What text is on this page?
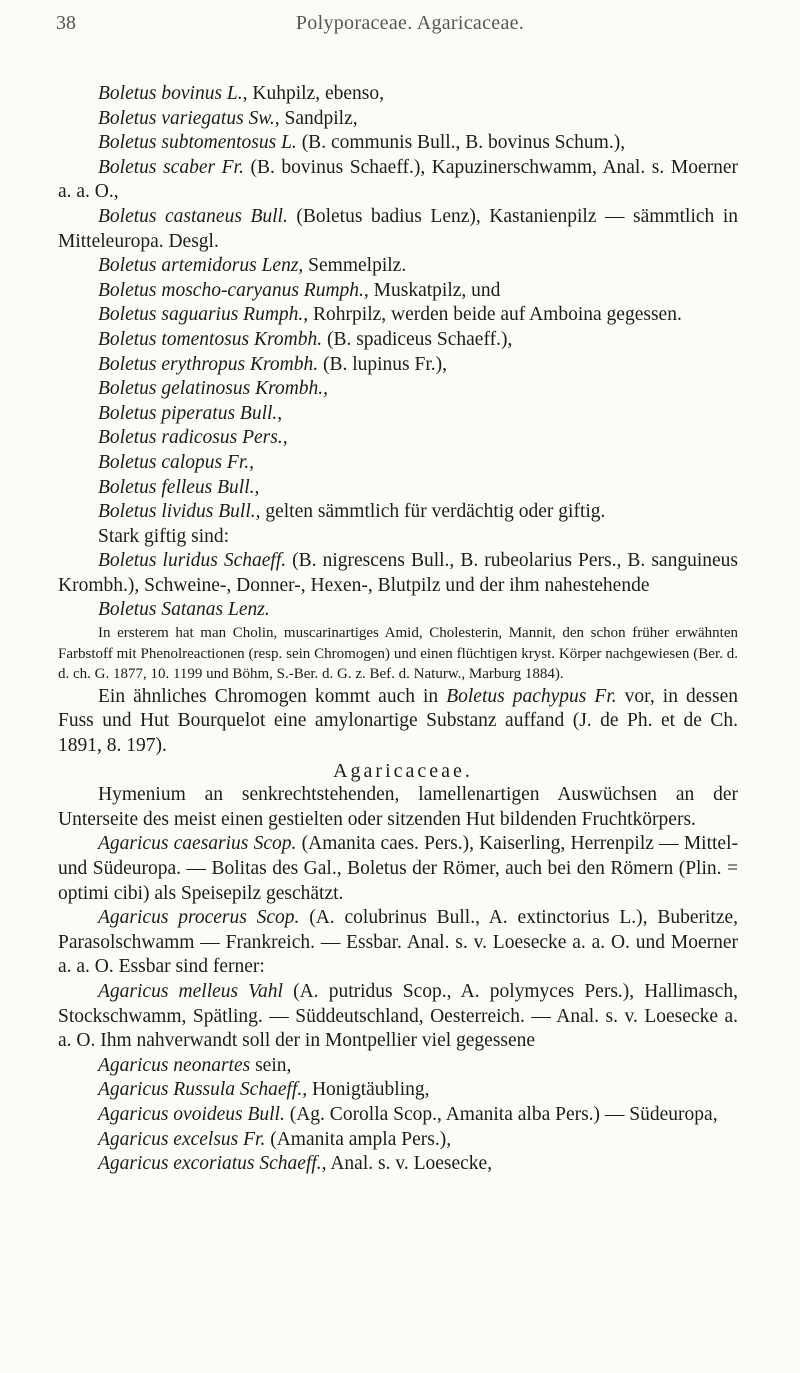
38	Polyporaceae. Agaricaceae.

Boletus bovinus L., Kuhpilz, ebenso,

Boletus variegatus Sw., Sandpilz,

Boletus subtomentosus L. (B. communis Bull., B. bovinus Schum.),

Boletus scaber Fr. (B. bovinus Schaeff.), Kapuzinerschwamm, Anal. s. Moerner a. a. O.,

Boletus castaneus Bull. (Boletus badius Lenz), Kastanienpilz — sämmtlich in Mitteleuropa. Desgl.

Boletus artemidorus Lenz, Semmelpilz.

Boletus moscho-caryanus Rumph., Muskatpilz, und

Boletus saguarius Rumph., Rohrpilz, werden beide auf Amboina gegessen.

Boletus tomentosus Krombh. (B. spadiceus Schaeff.),

Boletus erythropus Krombh. (B. lupinus Fr.),

Boletus gelatinosus Krombh.,

Boletus piperatus Bull.,

Boletus radicosus Pers.,

Boletus calopus Fr.,

Boletus felleus Bull.,

Boletus lividus Bull., gelten sämmtlich für verdächtig oder giftig.

Stark giftig sind:

Boletus luridus Schaeff. (B. nigrescens Bull., B. rubeolarius Pers., B. sanguineus Krombh.), Schweine-, Donner-, Hexen-, Blutpilz und der ihm nahestehende

Boletus Satanas Lenz.

In ersterem hat man Cholin, muscarinartiges Amid, Cholesterin, Mannit, den schon früher erwähnten Farbstoff mit Phenolreactionen (resp. sein Chromogen) und einen flüchtigen kryst. Körper nachgewiesen (Ber. d. d. ch. G. 1877, 10. 1199 und Böhm, S.-Ber. d. G. z. Bef. d. Naturw., Marburg 1884).

Ein ähnliches Chromogen kommt auch in Boletus pachypus Fr. vor, in dessen Fuss und Hut Bourquelot eine amylonartige Substanz auffand (J. de Ph. et de Ch. 1891, 8. 197).

Agaricaceae.

Hymenium an senkrechtstehenden, lamellenartigen Auswüchsen an der Unterseite des meist einen gestielten oder sitzenden Hut bildenden Fruchtkörpers.

Agaricus caesarius Scop. (Amanita caes. Pers.), Kaiserling, Herrenpilz — Mittel- und Südeuropa. — Bolitas des Gal., Boletus der Römer, auch bei den Römern (Plin. = optimi cibi) als Speisepilz geschätzt.

Agaricus procerus Scop. (A. colubrinus Bull., A. extinctorius L.), Buberitze, Parasolschwamm — Frankreich. — Essbar. Anal. s. v. Loesecke a. a. O. und Moerner a. a. O. Essbar sind ferner:

Agaricus melleus Vahl (A. putridus Scop., A. polymyces Pers.), Hallimasch, Stockschwamm, Spätling. — Süddeutschland, Oesterreich. — Anal. s. v. Loesecke a. a. O. Ihm nahverwandt soll der in Montpellier viel gegessene

Agaricus neonartes sein,

Agaricus Russula Schaeff., Honigtäubling,

Agaricus ovoideus Bull. (Ag. Corolla Scop., Amanita alba Pers.) — Südeuropa,

Agaricus excelsus Fr. (Amanita ampla Pers.),

Agaricus excoriatus Schaeff., Anal. s. v. Loesecke,
